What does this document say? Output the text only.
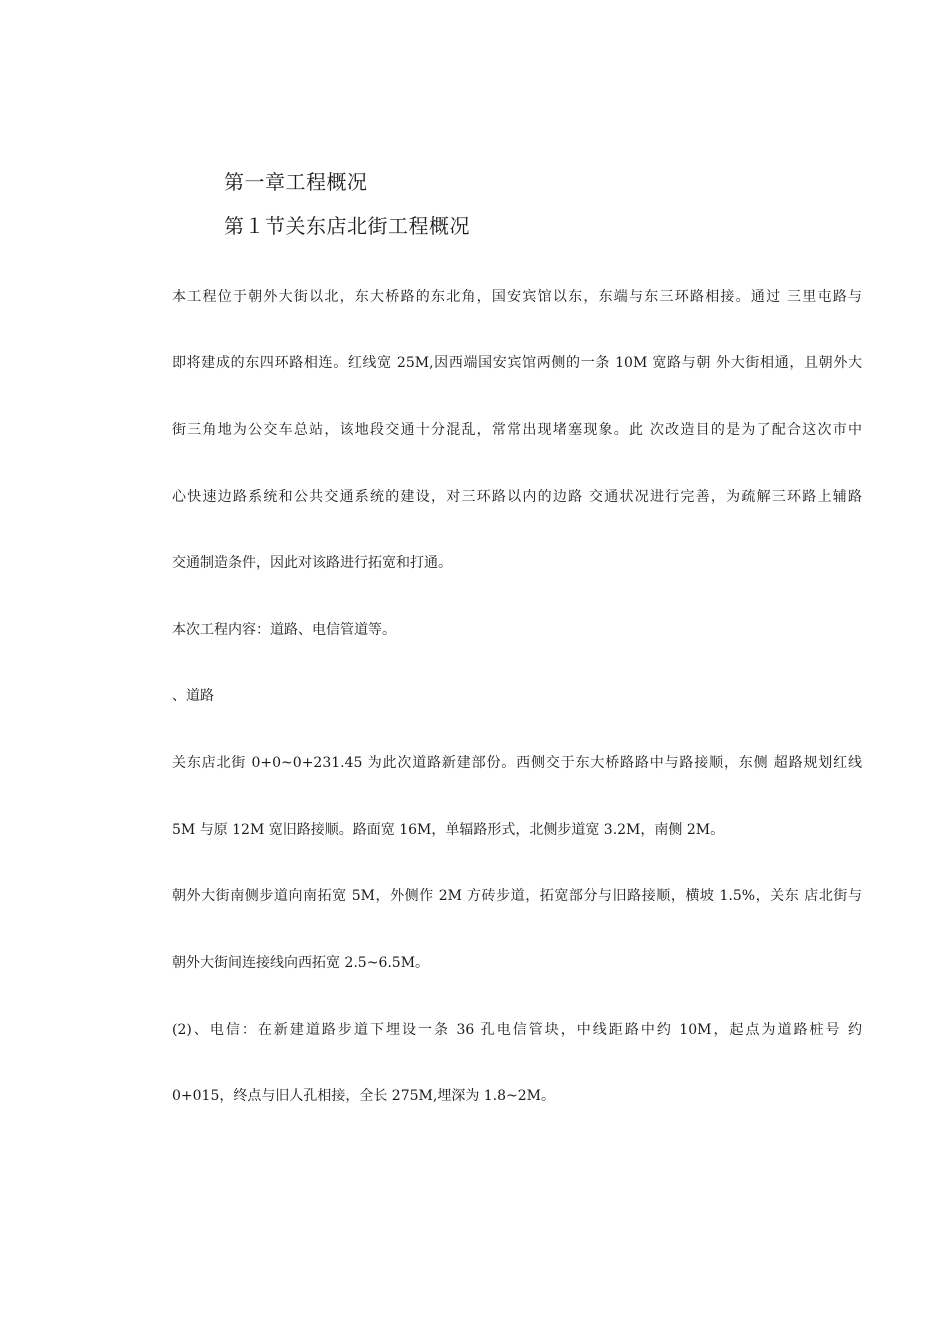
第一章工程概况
第１节关东店北街工程概况
本工程位于朝外大街以北，东大桥路的东北角，国安宾馆以东，东端与东三环路相接。通过 三里屯路与
即将建成的东四环路相连。红线宽 25M,因西端国安宾馆两侧的一条 10M 宽路与朝 外大街相通，且朝外大
街三角地为公交车总站，该地段交通十分混乱，常常出现堵塞现象。此 次改造目的是为了配合这次市中
心快速边路系统和公共交通系统的建设，对三环路以内的边路 交通状况进行完善，为疏解三环路上辅路
交通制造条件，因此对该路进行拓宽和打通。
本次工程内容：道路、电信管道等。
、道路
关东店北街 0+0~0+231.45 为此次道路新建部份。西侧交于东大桥路路中与路接顺，东侧 超路规划红线
5M 与原 12M 宽旧路接顺。路面宽 16M，单辐路形式，北侧步道宽 3.2M，南侧 2M。
朝外大街南侧步道向南拓宽 5M，外侧作 2M 方砖步道，拓宽部分与旧路接顺，横坡 1.5%，关东 店北街与
朝外大街间连接线向西拓宽 2.5~6.5M。
(2)、电信：在新建道路步道下埋设一条 36 孔电信管块，中线距路中约 10M，起点为道路桩号 约
0+015，终点与旧人孔相接，全长 275M,埋深为 1.8~2M。
